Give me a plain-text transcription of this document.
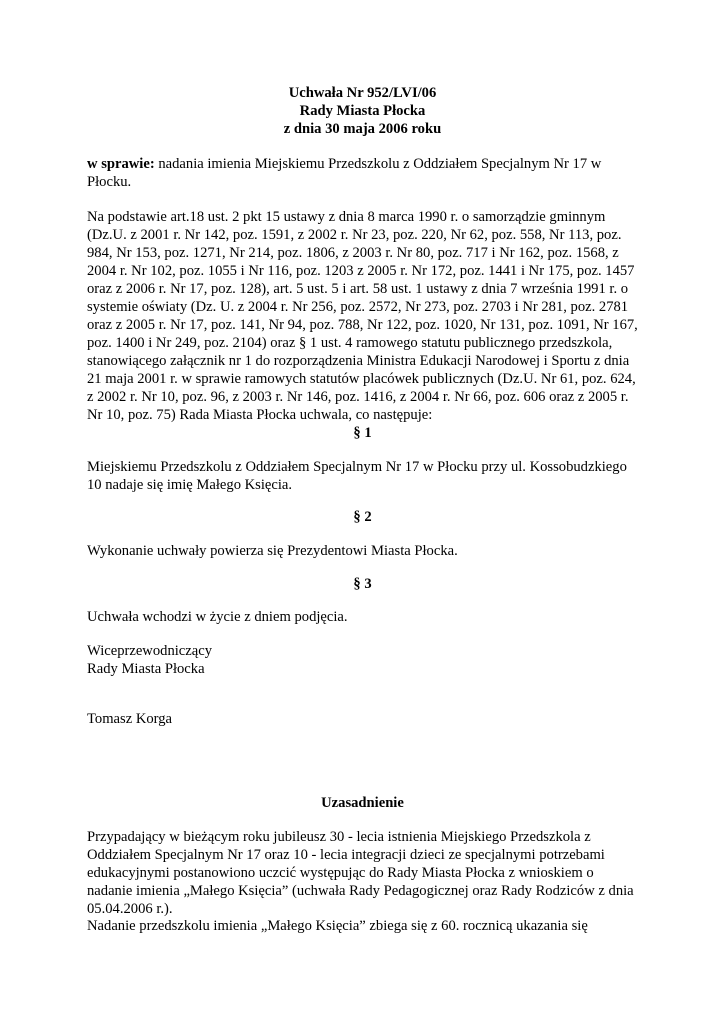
Uchwała Nr 952/LVI/06
Rady Miasta Płocka
z dnia 30 maja 2006 roku
w sprawie: nadania imienia Miejskiemu Przedszkolu z Oddziałem Specjalnym Nr 17 w
Płocku.
Na podstawie art.18 ust. 2 pkt 15 ustawy z dnia 8 marca 1990 r. o samorządzie gminnym
(Dz.U. z 2001 r. Nr 142, poz. 1591, z 2002 r. Nr 23, poz. 220, Nr 62, poz. 558, Nr 113, poz.
984, Nr 153, poz. 1271, Nr 214, poz. 1806, z 2003 r. Nr 80, poz. 717 i Nr 162, poz. 1568, z
2004 r. Nr 102, poz. 1055 i Nr 116, poz. 1203 z 2005 r. Nr 172, poz. 1441 i Nr 175, poz. 1457
oraz z 2006 r. Nr 17, poz. 128), art. 5 ust. 5 i art. 58 ust. 1 ustawy z dnia 7 września 1991 r. o
systemie oświaty (Dz. U. z 2004 r. Nr 256, poz. 2572, Nr 273, poz. 2703 i Nr 281, poz. 2781
oraz z 2005 r. Nr 17, poz. 141, Nr 94, poz. 788, Nr 122, poz. 1020, Nr 131, poz. 1091, Nr 167,
poz. 1400 i Nr 249, poz. 2104) oraz § 1 ust. 4 ramowego statutu publicznego przedszkola,
stanowiącego załącznik nr 1 do rozporządzenia Ministra Edukacji Narodowej i Sportu z dnia
21 maja 2001 r. w sprawie ramowych statutów placówek publicznych (Dz.U. Nr 61, poz. 624,
z 2002 r. Nr 10, poz. 96, z 2003 r. Nr 146, poz. 1416, z 2004 r. Nr 66, poz. 606 oraz z 2005 r.
Nr 10, poz. 75) Rada Miasta Płocka uchwala, co następuje:
§ 1
Miejskiemu Przedszkolu z Oddziałem Specjalnym Nr 17 w Płocku przy ul. Kossobudzkiego
10 nadaje się imię Małego Księcia.
§ 2
Wykonanie uchwały powierza się Prezydentowi Miasta Płocka.
§ 3
Uchwała wchodzi w życie z dniem podjęcia.
Wiceprzewodniczący
Rady Miasta Płocka
Tomasz Korga
Uzasadnienie
Przypadający w bieżącym roku jubileusz 30 - lecia istnienia Miejskiego Przedszkola z
Oddziałem Specjalnym Nr 17 oraz 10 - lecia integracji dzieci ze specjalnymi potrzebami
edukacyjnymi postanowiono uczcić występując do Rady Miasta Płocka z wnioskiem o
nadanie imienia „Małego Księcia” (uchwała Rady Pedagogicznej oraz Rady Rodziców z dnia
05.04.2006 r.).
Nadanie przedszkolu imienia „Małego Księcia” zbiega się z 60. rocznicą ukazania się
